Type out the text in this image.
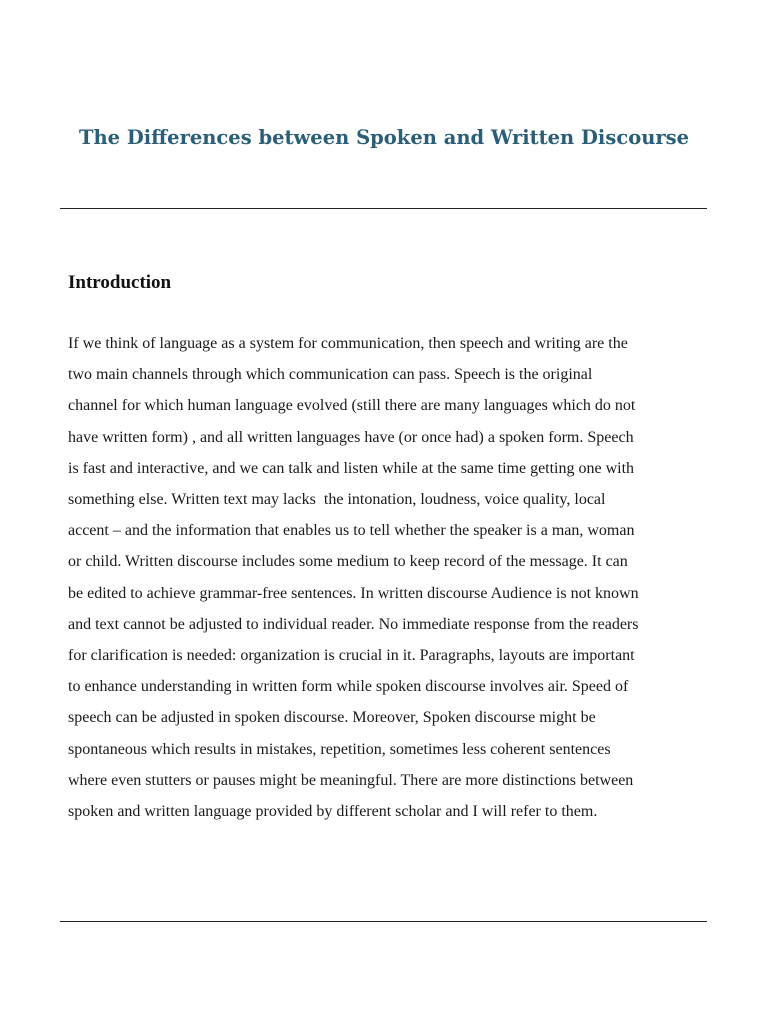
The Differences between Spoken and Written Discourse
Introduction

If we think of language as a system for communication, then speech and writing are the
two main channels through which communication can pass. Speech is the original
channel for which human language evolved (still there are many languages which do not
have written form) , and all written languages have (or once had) a spoken form. Speech
is fast and interactive, and we can talk and listen while at the same time getting one with
something else. Written text may lacks  the intonation, loudness, voice quality, local
accent – and the information that enables us to tell whether the speaker is a man, woman
or child. Written discourse includes some medium to keep record of the message. It can
be edited to achieve grammar-free sentences. In written discourse Audience is not known
and text cannot be adjusted to individual reader. No immediate response from the readers
for clarification is needed: organization is crucial in it. Paragraphs, layouts are important
to enhance understanding in written form while spoken discourse involves air. Speed of
speech can be adjusted in spoken discourse. Moreover, Spoken discourse might be
spontaneous which results in mistakes, repetition, sometimes less coherent sentences
where even stutters or pauses might be meaningful. There are more distinctions between
spoken and written language provided by different scholar and I will refer to them.
